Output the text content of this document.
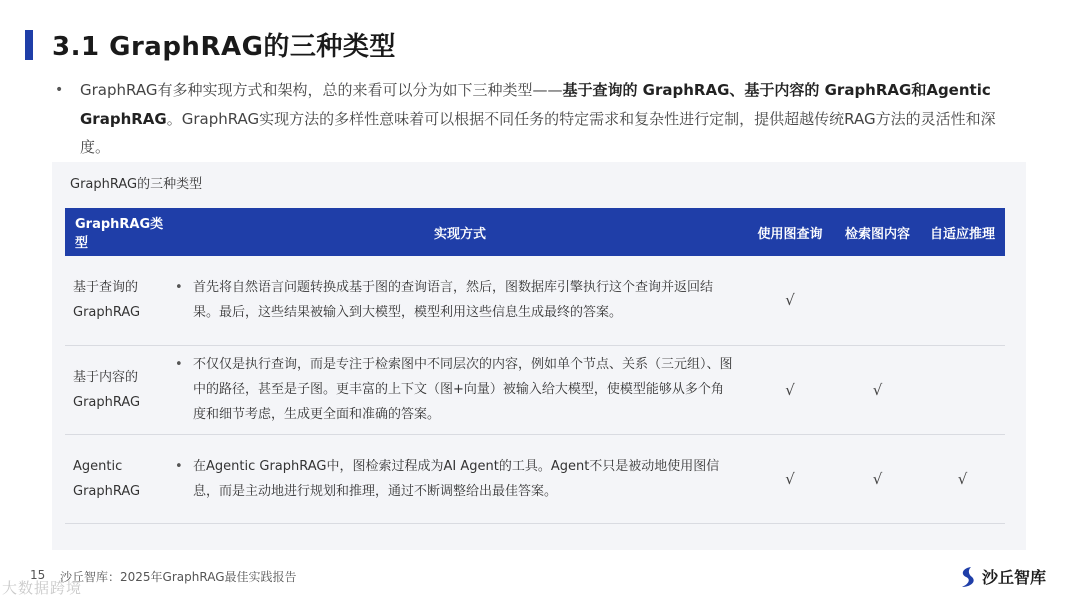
3.1 GraphRAG的三种类型
• GraphRAG有多种实现方式和架构，总的来看可以分为如下三种类型——基于查询的 GraphRAG、基于内容的 GraphRAG和Agentic GraphRAG。GraphRAG实现方法的多样性意味着可以根据不同任务的特定需求和复杂性进行定制，提供超越传统RAG方法的灵活性和深度。
GraphRAG的三种类型
GraphRAG类型	实现方式	使用图查询	检索图内容	自适应推理
基于查询的 GraphRAG	• 首先将自然语言问题转换成基于图的查询语言，然后，图数据库引擎执行这个查询并返回结果。最后，这些结果被输入到大模型，模型利用这些信息生成最终的答案。	√		
基于内容的 GraphRAG	• 不仅仅是执行查询，而是专注于检索图中不同层次的内容，例如单个节点、关系（三元组）、图中的路径，甚至是子图。更丰富的上下文（图+向量）被输入给大模型，使模型能够从多个角度和细节考虑，生成更全面和准确的答案。	√	√	
Agentic GraphRAG	• 在Agentic GraphRAG中，图检索过程成为AI Agent的工具。Agent不只是被动地使用图信息，而是主动地进行规划和推理，通过不断调整给出最佳答案。	√	√	√
15 沙丘智库：2025年GraphRAG最佳实践报告
大数据跨境
沙丘智库
